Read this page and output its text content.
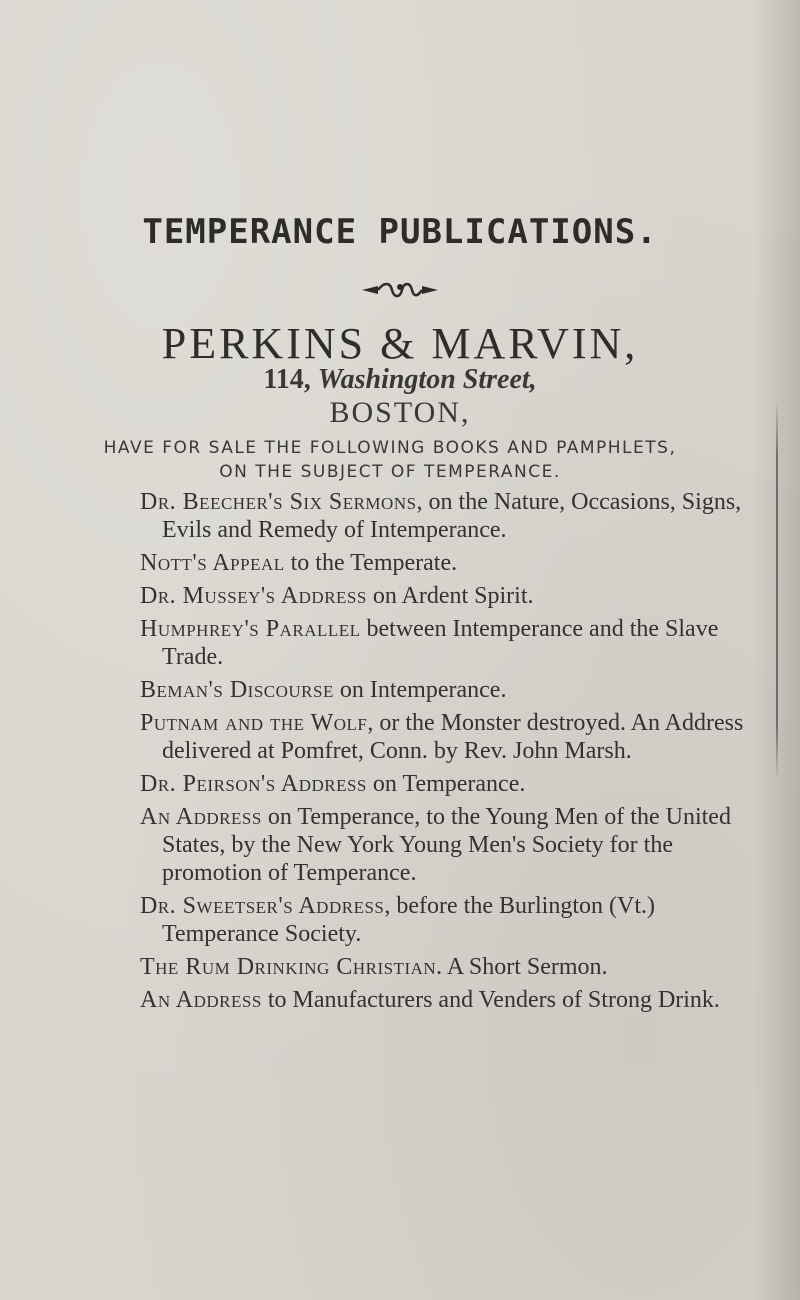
TEMPERANCE PUBLICATIONS.
PERKINS & MARVIN,
114, Washington Street,
BOSTON,
HAVE FOR SALE THE FOLLOWING BOOKS AND PAMPHLETS,
ON THE SUBJECT OF TEMPERANCE.
Dr. Beecher's Six Sermons, on the Nature, Occasions, Signs, Evils and Remedy of Intemperance.
Nott's Appeal to the Temperate.
Dr. Mussey's Address on Ardent Spirit.
Humphrey's Parallel between Intemperance and the Slave Trade.
Beman's Discourse on Intemperance.
Putnam and the Wolf, or the Monster destroyed. An Address delivered at Pomfret, Conn. by Rev. John Marsh.
Dr. Peirson's Address on Temperance.
An Address on Temperance, to the Young Men of the United States, by the New York Young Men's Society for the promotion of Temperance.
Dr. Sweetser's Address, before the Burlington (Vt.) Temperance Society.
The Rum Drinking Christian. A Short Sermon.
An Address to Manufacturers and Venders of Strong Drink.
